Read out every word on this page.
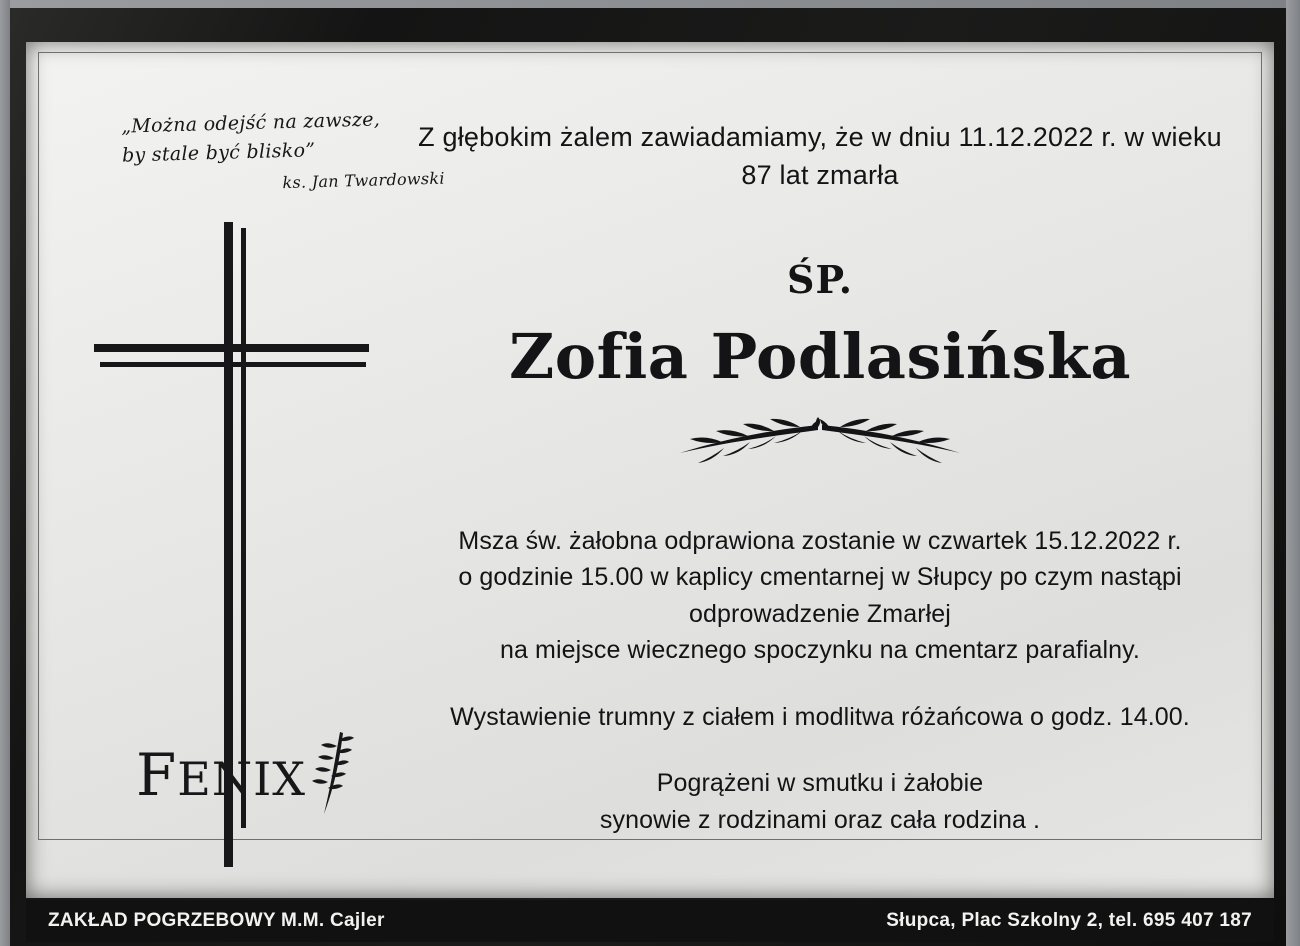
„Można odejść na zawsze,
by stale być blisko”
ks. Jan Twardowski
Z głębokim żalem zawiadamiamy, że w dniu 11.12.2022 r. w wieku 87 lat zmarła
ŚP.
Zofia Podlasińska
Msza św. żałobna odprawiona zostanie w czwartek 15.12.2022 r.
o godzinie 15.00 w kaplicy cmentarnej w Słupcy po czym nastąpi
odprowadzenie Zmarłej
na miejsce wiecznego spoczynku na cmentarz parafialny.
Wystawienie trumny z ciałem i modlitwa różańcowa o godz. 14.00.
Pogrążeni w smutku i żałobie
synowie z rodzinami oraz cała rodzina .
FENIX
ZAKŁAD POGRZEBOWY M.M. Cajler	Słupca, Plac Szkolny 2, tel. 695 407 187
